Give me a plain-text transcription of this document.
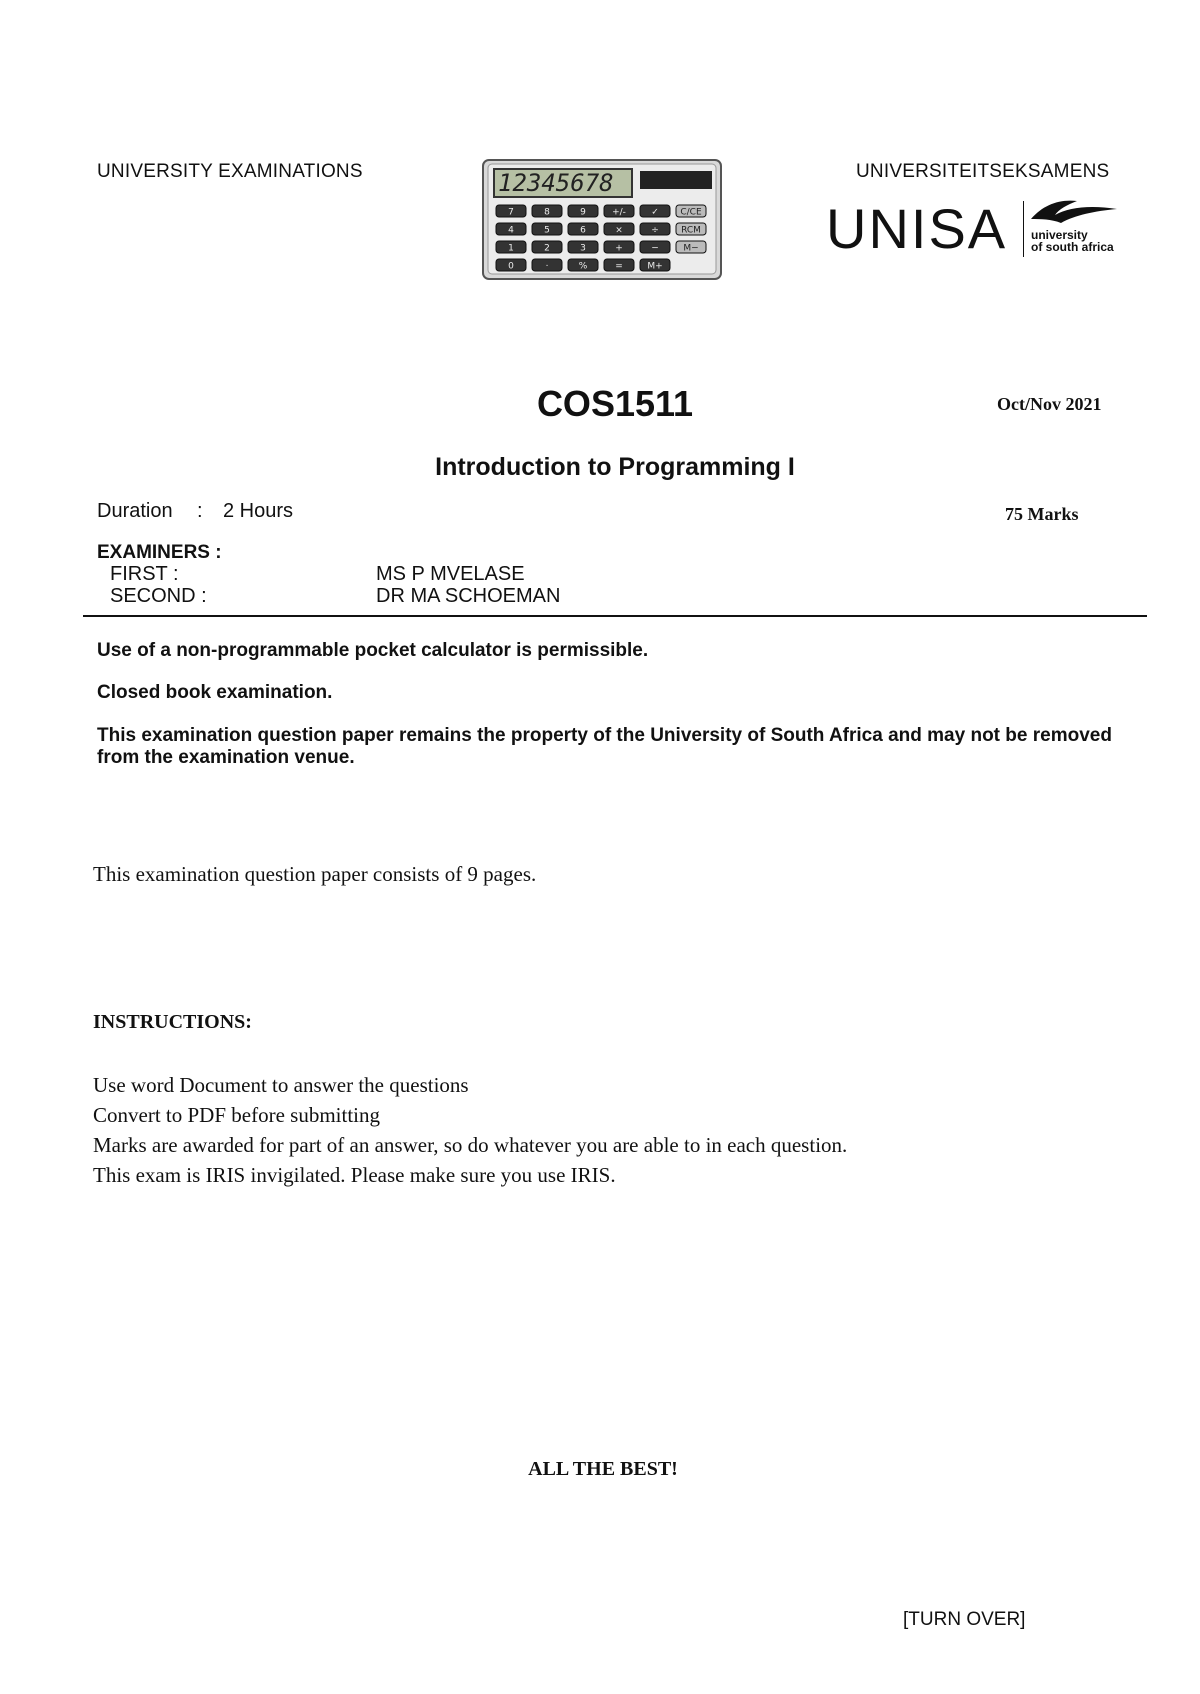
UNIVERSITY EXAMINATIONS	12345678
7	8	9	+/-	✓ C/CE
4	5	6	×	÷ RCM
1	2	3	+	−	M−
0	·	%	=	M+
UNISA university
of south africa
UNIVERSITEITSEKSAMENS
COS1511	Oct/Nov 2021
Introduction to Programming I
Duration : 2 Hours	75 Marks
EXAMINERS :
FIRST :	MS P MVELASE
SECOND :	DR MA SCHOEMAN
Use of a non-programmable pocket calculator is permissible.
Closed book examination.
This examination question paper remains the property of the University of South Africa and may not be removed from the examination venue.
This examination question paper consists of 9 pages.
INSTRUCTIONS:
Use word Document to answer the questions
Convert to PDF before submitting
Marks are awarded for part of an answer, so do whatever you are able to in each question.
This exam is IRIS invigilated. Please make sure you use IRIS.
ALL THE BEST!
[TURN OVER]
